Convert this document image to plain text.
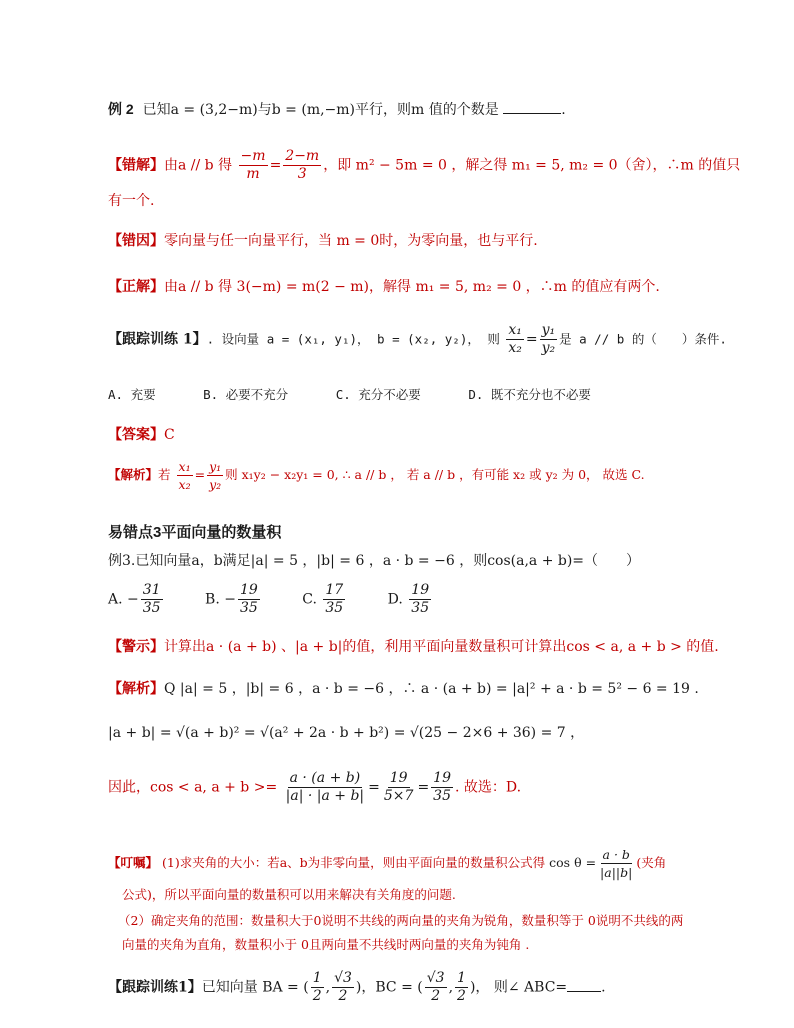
例 2 已知a = (3,2−m)与b = (m,−m)平行，则m 值的个数是	.
【错解】由a // b 得 $\frac{-m}{m} = \frac{2-m}{3}$ ，即 m² − 5m = 0 ，解之得 m₁ = 5, m₂ = 0（舍），∴m 的值只
有一个.
【错因】零向量与任一向量平行，当 m = 0时，为零向量，也与平行.
【正解】由a // b 得 3(−m) = m(2 − m)，解得 m₁ = 5, m₂ = 0 ，∴m 的值应有两个.
【跟踪训练 1】. 设向量 a = (x₁, y₁)， b = (x₂, y₂)， 则 $\frac{\text{x₁}}{\text{x₂}} = \frac{\text{y₁}}{\text{y₂}}$ 是 a // b 的（　　）条件.
A. 充要	B. 必要不充分	C. 充分不必要	D. 既不充分也不必要
【答案】C
【解析】若 $\frac{\text{x₁}}{\text{x₂}} = \frac{\text{y₁}}{\text{y₂}}$ 则 x₁y₂ − x₂y₁ = 0, ∴ a // b ， 若 a // b ，有可能 x₂ 或 y₂ 为 0， 故选 C.
易错点3平面向量的数量积
例3.已知向量a，b满足|a| = 5 ，|b| = 6 ，a · b = −6 ，则cos(a,a + b)=（　　）
A. − $\frac{31}{35}$	B. − $\frac{19}{35}$	C. $\frac{17}{35}$	D. $\frac{19}{35}$
【警示】计算出a · (a + b) 、|a + b|的值，利用平面向量数量积可计算出cos < a, a + b > 的值.
【解析】Q |a| = 5 ，|b| = 6 ，a · b = −6 ，∴ a · (a + b) = |a|² + a · b = 5² − 6 = 19 .
|a + b| = √(a + b)² = √(a² + 2a · b + b²) = √(25 − 2×6 + 36) = 7 ，
因此，cos < a, $a + b >= \frac{a \cdot (a + b)}{|a| \cdot |a + b|} = \frac{19}{5\times 7} = \frac{19}{35}$ . 故选：D.
【叮嘱】 (1)求夹角的大小：若a、b为非零向量，则由平面向量的数量积公式得 $\cos \theta = \frac{a \cdot b}{|a||b|}$ (夹角
公式)，所以平面向量的数量积可以用来解决有关角度的问题.
（2）确定夹角的范围：数量积大于0说明不共线的两向量的夹角为锐角，数量积等于 0说明不共线的两
向量的夹角为直角，数量积小于 0且两向量不共线时两向量的夹角为钝角 .
【跟踪训练1】已知向量 BA = ( $\frac{1}{2}$ , $\frac{√3}{2}$ )，BC = ( $\frac{√3}{2}$ , $\frac{1}{2}$ )， 则∠ ABC= .
